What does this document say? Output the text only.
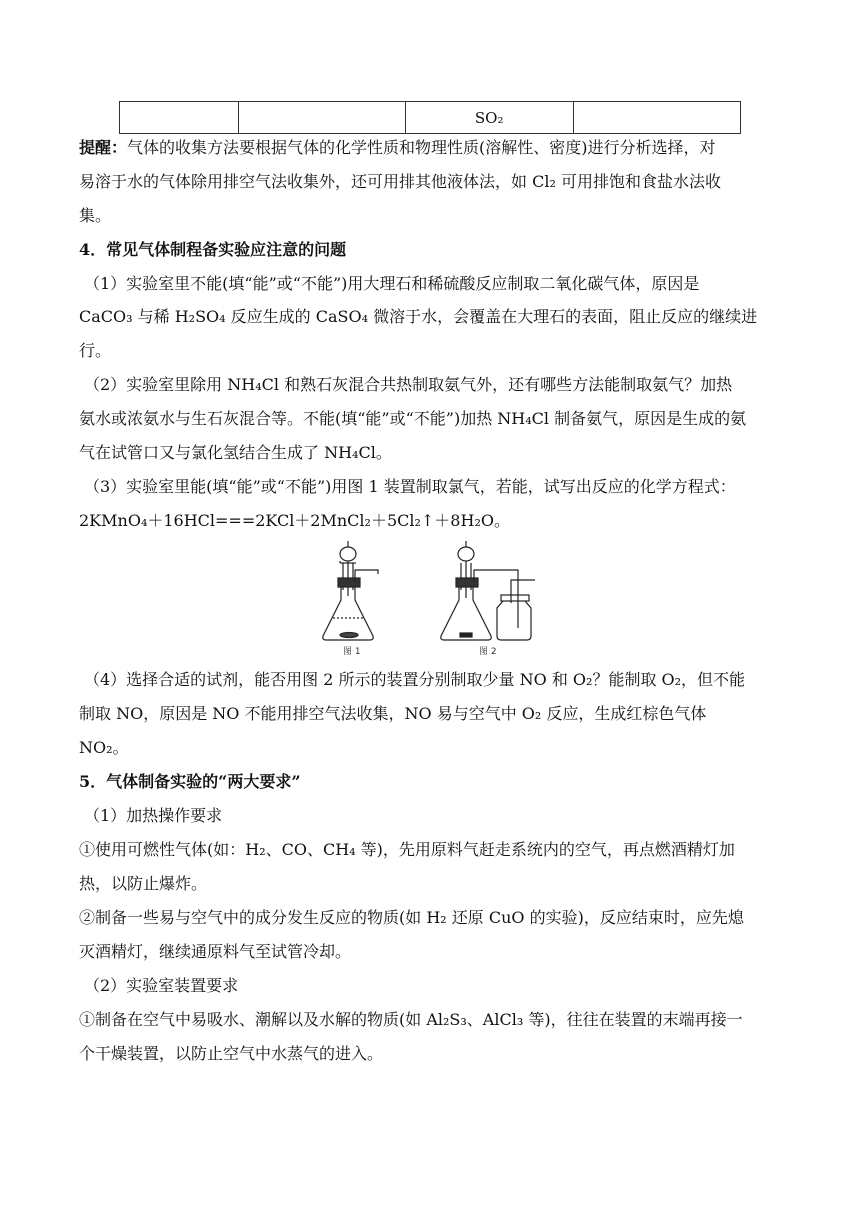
		SO₂	
提醒：气体的收集方法要根据气体的化学性质和物理性质(溶解性、密度)进行分析选择，对
易溶于水的气体除用排空气法收集外，还可用排其他液体法，如 Cl₂ 可用排饱和食盐水法收
集。
4．常见气体制程备实验应注意的问题
（1）实验室里不能(填“能”或“不能”)用大理石和稀硫酸反应制取二氧化碳气体，原因是
CaCO₃ 与稀 H₂SO₄ 反应生成的 CaSO₄ 微溶于水，会覆盖在大理石的表面，阻止反应的继续进
行。
（2）实验室里除用 NH₄Cl 和熟石灰混合共热制取氨气外，还有哪些方法能制取氨气？加热
氨水或浓氨水与生石灰混合等。不能(填“能”或“不能”)加热 NH₄Cl 制备氨气，原因是生成的氨
气在试管口又与氯化氢结合生成了 NH₄Cl。
（3）实验室里能(填“能”或“不能”)用图 1 装置制取氯气，若能，试写出反应的化学方程式：
2KMnO₄＋16HCl===2KCl＋2MnCl₂＋5Cl₂↑＋8H₂O。
图 1	图 2
（4）选择合适的试剂，能否用图 2 所示的装置分别制取少量 NO 和 O₂？能制取 O₂，但不能
制取 NO，原因是 NO 不能用排空气法收集，NO 易与空气中 O₂ 反应，生成红棕色气体
NO₂。
5．气体制备实验的“两大要求”
（1）加热操作要求
①使用可燃性气体(如：H₂、CO、CH₄ 等)，先用原料气赶走系统内的空气，再点燃酒精灯加
热，以防止爆炸。
②制备一些易与空气中的成分发生反应的物质(如 H₂ 还原 CuO 的实验)，反应结束时，应先熄
灭酒精灯，继续通原料气至试管冷却。
（2）实验室装置要求
①制备在空气中易吸水、潮解以及水解的物质(如 Al₂S₃、AlCl₃ 等)，往往在装置的末端再接一
个干燥装置，以防止空气中水蒸气的进入。
